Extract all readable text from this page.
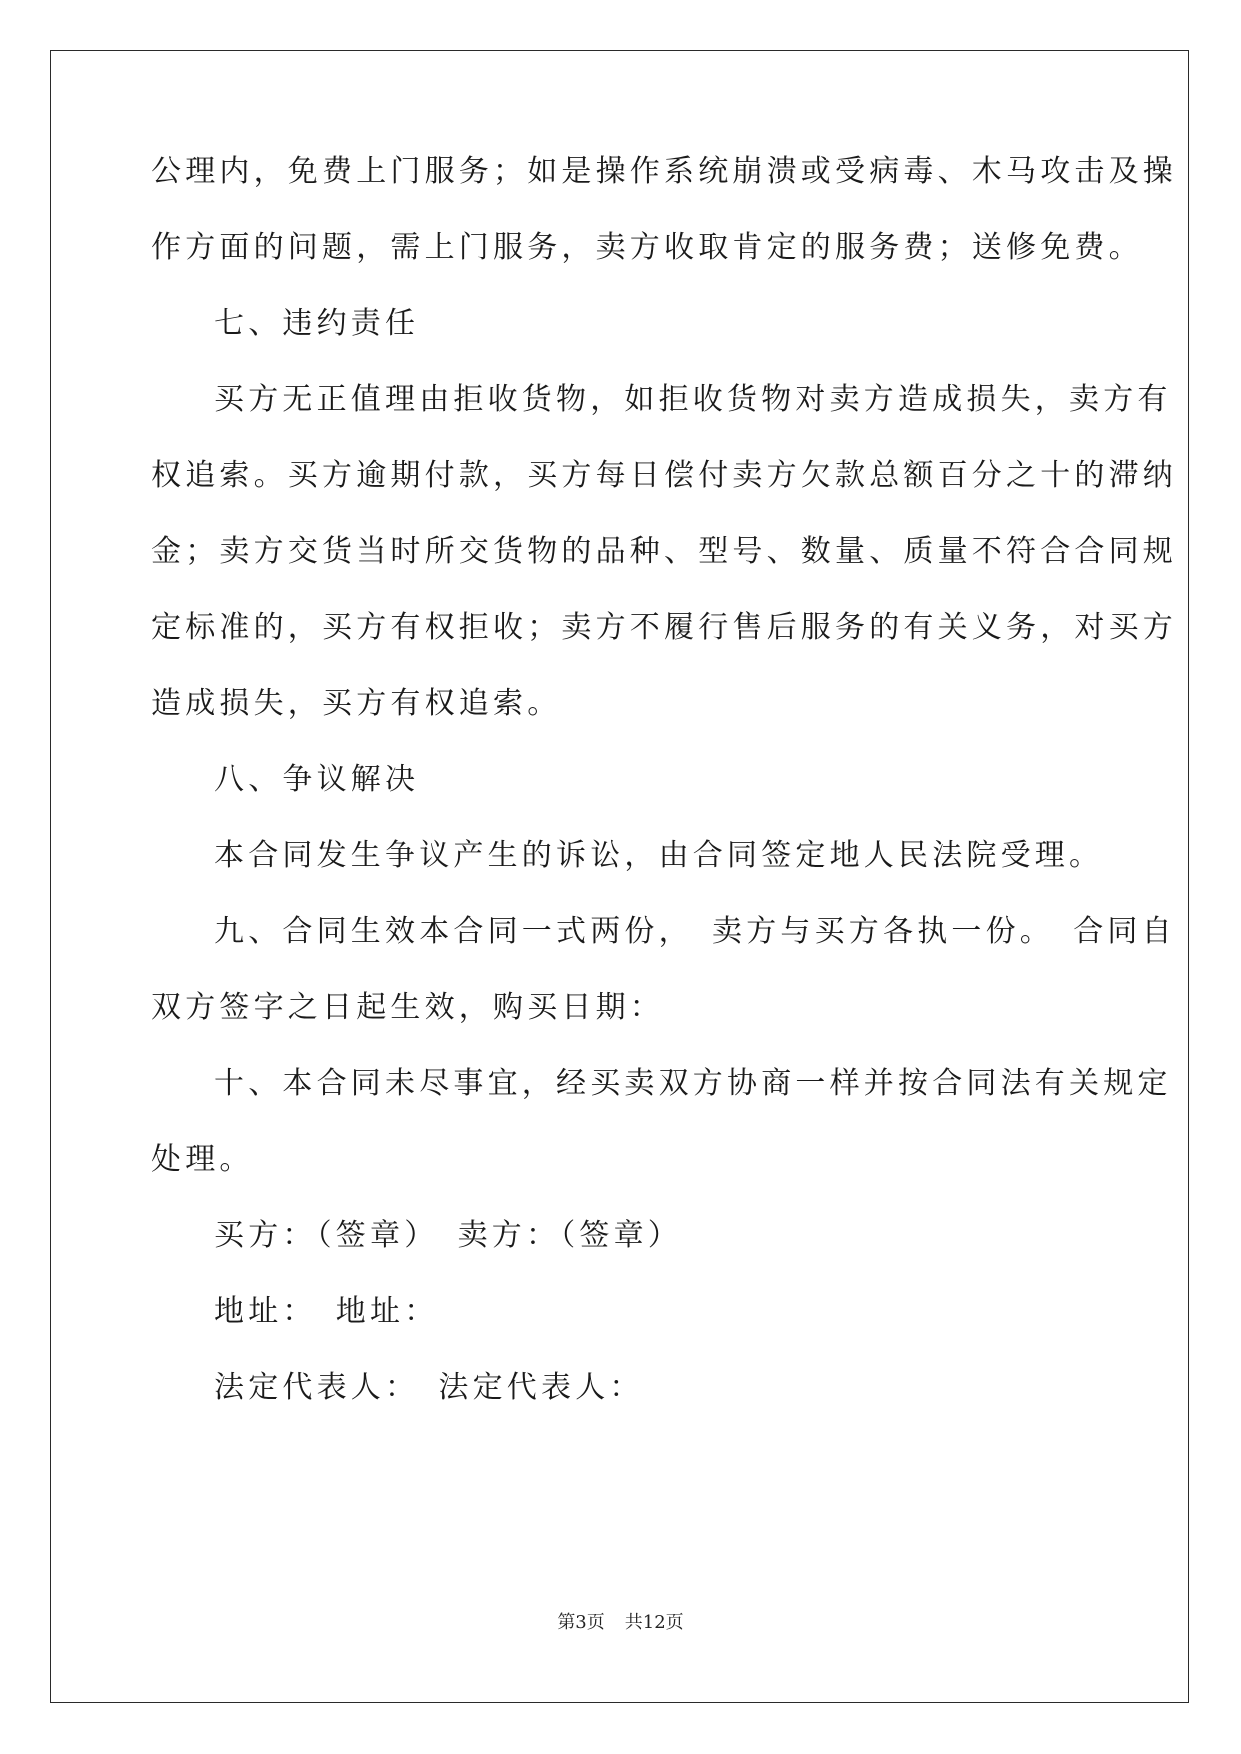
公理内，免费上门服务；如是操作系统崩溃或受病毒、木马攻击及操
作方面的问题，需上门服务，卖方收取肯定的服务费；送修免费。
七、违约责任
买方无正值理由拒收货物，如拒收货物对卖方造成损失，卖方有
权追索。买方逾期付款，买方每日偿付卖方欠款总额百分之十的滞纳
金；卖方交货当时所交货物的品种、型号、数量、质量不符合合同规
定标准的，买方有权拒收；卖方不履行售后服务的有关义务，对买方
造成损失，买方有权追索。
八、争议解决
本合同发生争议产生的诉讼，由合同签定地人民法院受理。
九、合同生效本合同一式两份，　卖方与买方各执一份。　合同自
双方签字之日起生效，购买日期：
十、本合同未尽事宜，经买卖双方协商一样并按合同法有关规定
处理。
买方：（签章）　卖方：（签章）
地址：　地址：
法定代表人：　法定代表人：
第3页 共12页
